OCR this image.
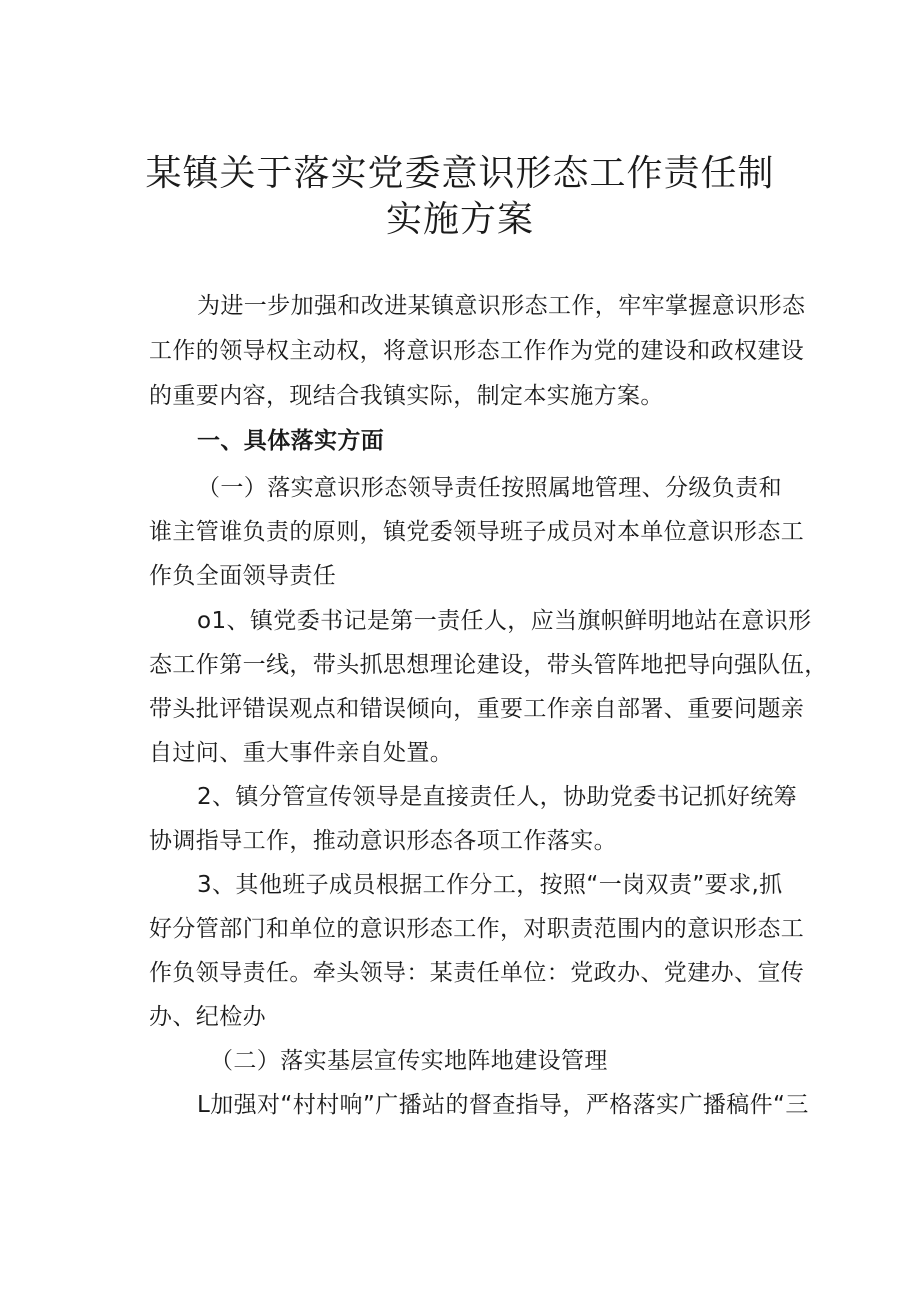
某镇关于落实党委意识形态工作责任制
实施方案
为进一步加强和改进某镇意识形态工作，牢牢掌握意识形态
工作的领导权主动权，将意识形态工作作为党的建设和政权建设
的重要内容，现结合我镇实际，制定本实施方案。
一、具体落实方面
（一）落实意识形态领导责任按照属地管理、分级负责和
谁主管谁负责的原则，镇党委领导班子成员对本单位意识形态工
作负全面领导责任
o1、镇党委书记是第一责任人，应当旗帜鲜明地站在意识形
态工作第一线，带头抓思想理论建设，带头管阵地把导向强队伍，
带头批评错误观点和错误倾向，重要工作亲自部署、重要问题亲
自过问、重大事件亲自处置。
2、镇分管宣传领导是直接责任人，协助党委书记抓好统筹
协调指导工作，推动意识形态各项工作落实。
3、其他班子成员根据工作分工，按照“一岗双责”要求,抓
好分管部门和单位的意识形态工作，对职责范围内的意识形态工
作负领导责任。牵头领导：某责任单位：党政办、党建办、宣传
办、纪检办
（二）落实基层宣传实地阵地建设管理
L加强对“村村响”广播站的督查指导，严格落实广播稿件“三
